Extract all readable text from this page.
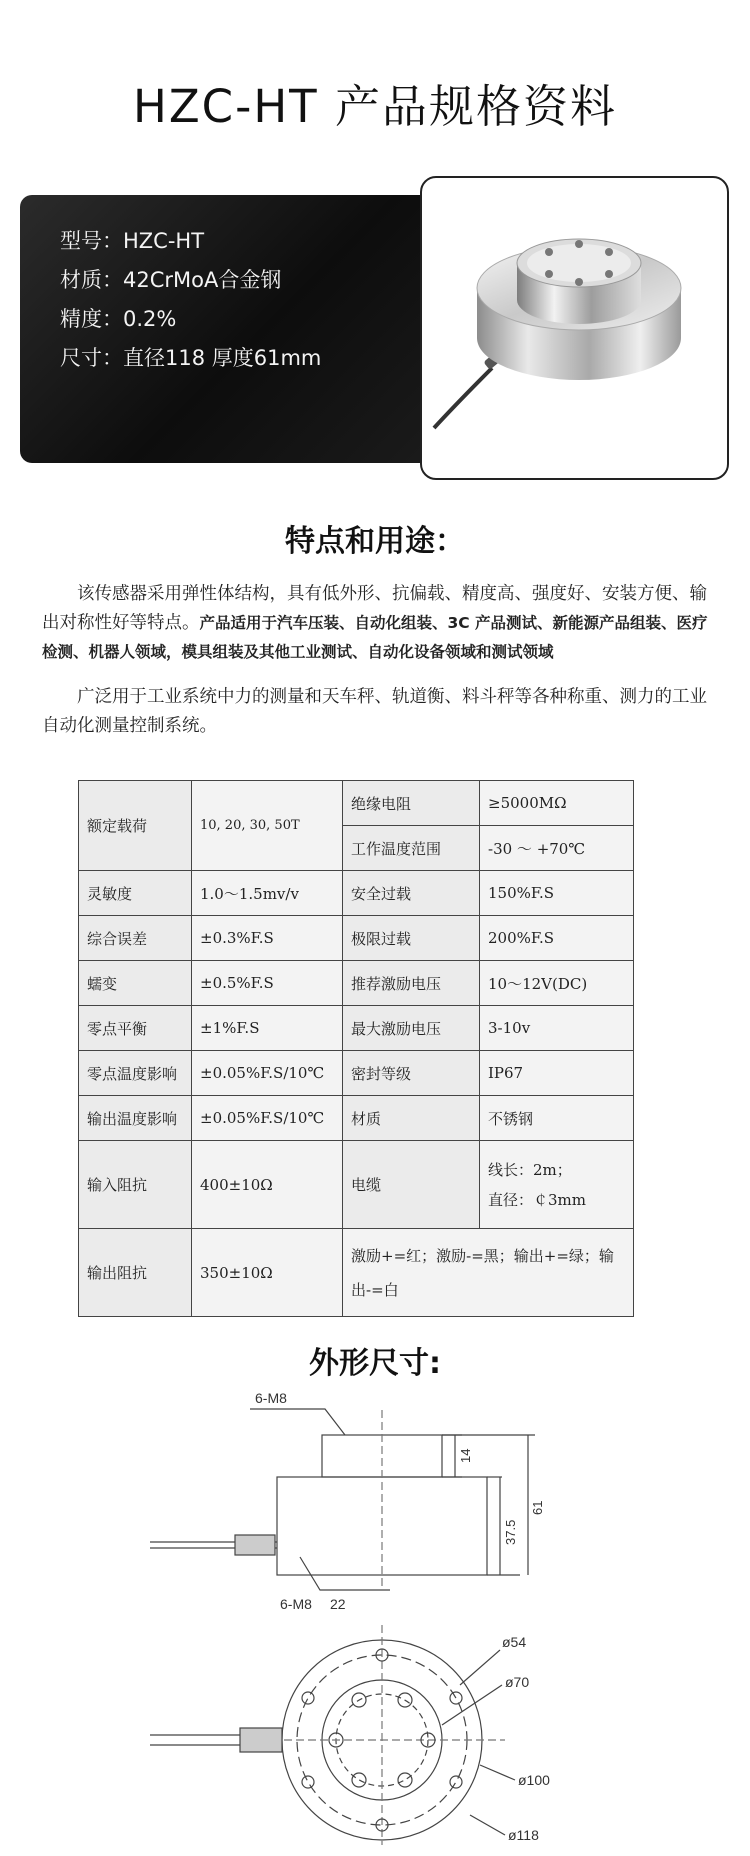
HZC-HT 产品规格资料
型号：HZC-HT
材质：42CrMoA合金钢
精度：0.2%
尺寸：直径118 厚度61mm
特点和用途：
该传感器采用弹性体结构，具有低外形、抗偏载、精度高、强度好、安装方便、输出对称性好等特点。产品适用于汽车压装、自动化组装、3C 产品测试、新能源产品组装、医疗检测、机器人领域，模具组装及其他工业测试、自动化设备领域和测试领域
广泛用于工业系统中力的测量和天车秤、轨道衡、料斗秤等各种称重、测力的工业自动化测量控制系统。
额定载荷	10, 20, 30, 50T	绝缘电阻	≥5000MΩ
		工作温度范围	-30 ～ +70℃
灵敏度	1.0～1.5mv/v	安全过载	150%F.S
综合误差	±0.3%F.S	极限过载	200%F.S
蠕变	±0.5%F.S	推荐激励电压	10～12V(DC)
零点平衡	±1%F.S	最大激励电压	3-10v
零点温度影响	±0.05%F.S/10℃	密封等级	IP67
输出温度影响	±0.05%F.S/10℃	材质	不锈钢
输入阻抗	400±10Ω	电缆	线长：2m；
直径：￠3mm

输出阻抗	350±10Ω	激励+=红；激励-=黑；输出+=绿；输出-=白	
外形尺寸:
6-M8
6-M8 22
14
37.5
61
ø54
ø70
ø100
ø118
